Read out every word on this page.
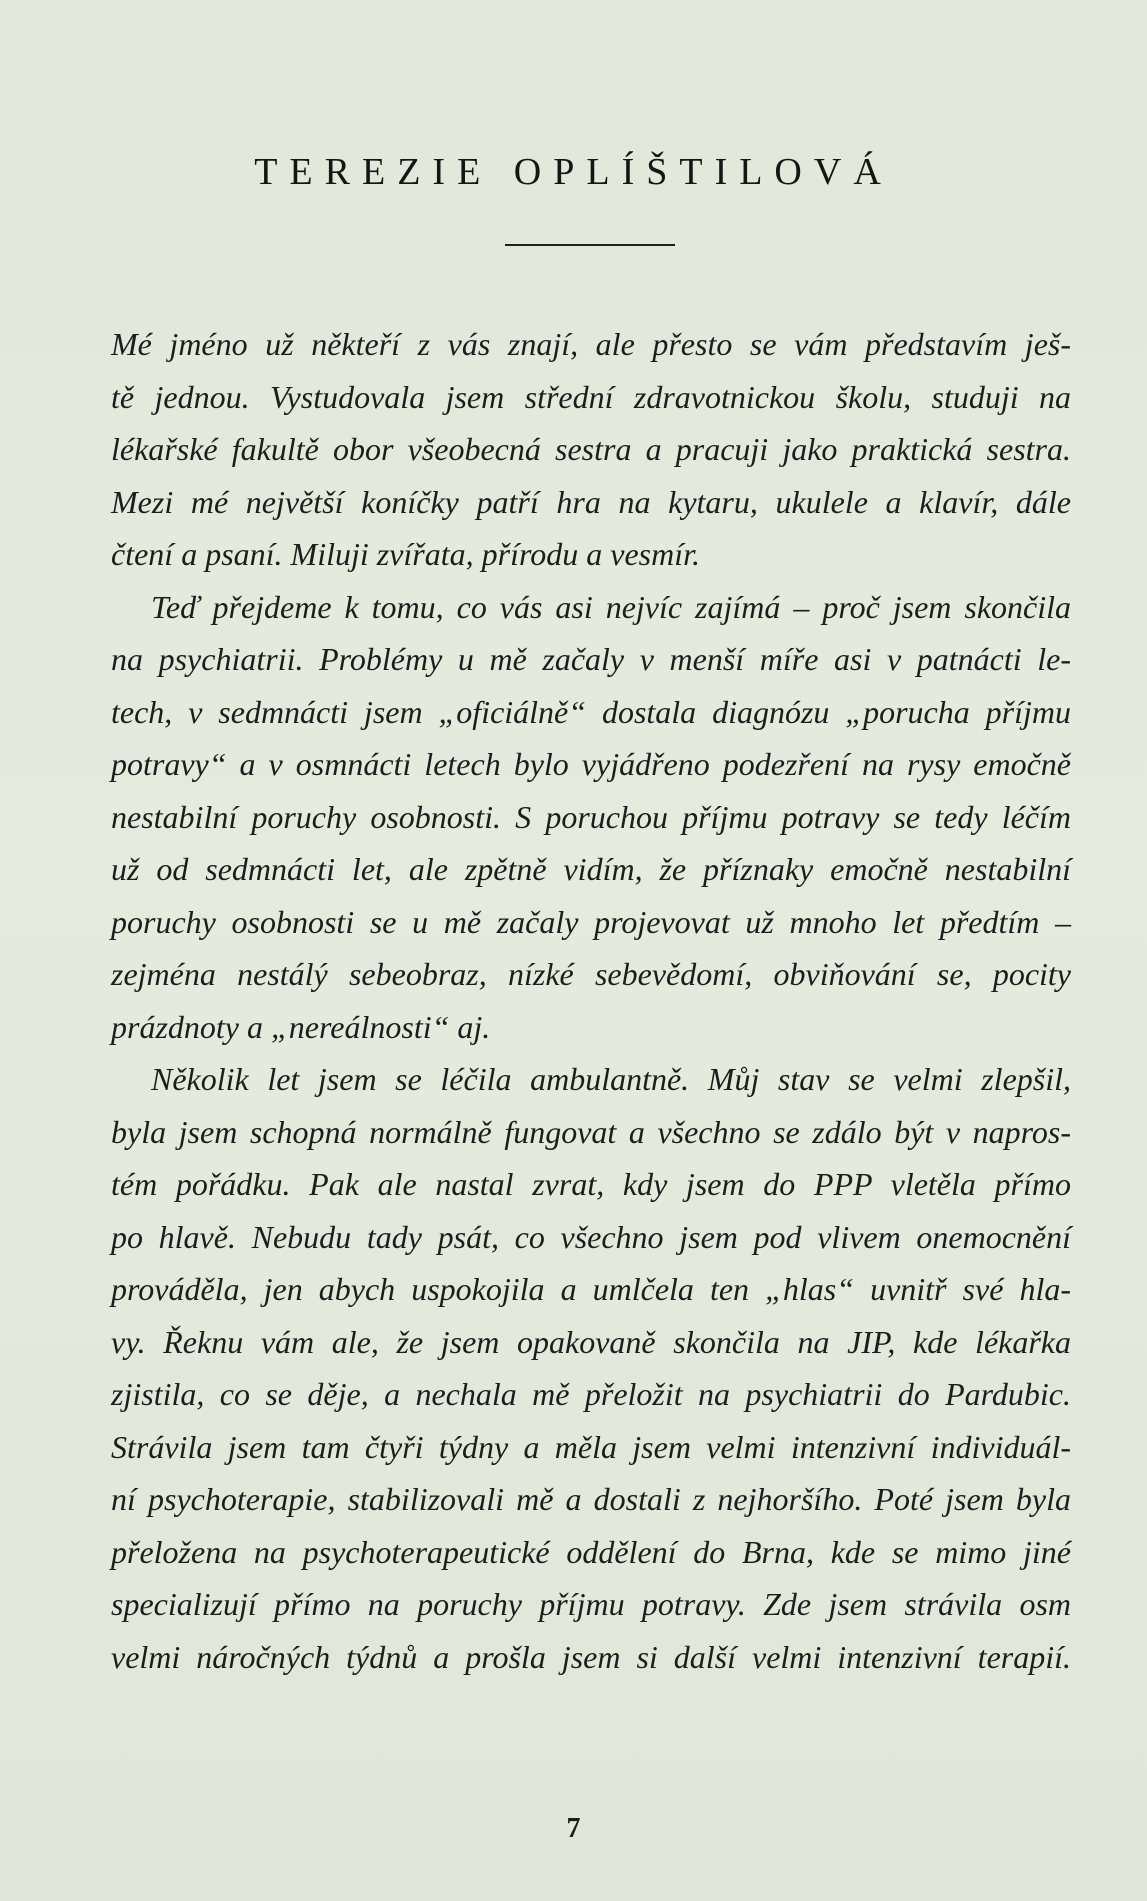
TEREZIE OPLÍŠTILOVÁ
Mé jméno už někteří z vás znají, ale přesto se vám představím ješ-
tě jednou. Vystudovala jsem střední zdravotnickou školu, studuji na
lékařské fakultě obor všeobecná sestra a pracuji jako praktická sestra.
Mezi mé největší koníčky patří hra na kytaru, ukulele a klavír, dále
čtení a psaní. Miluji zvířata, přírodu a vesmír.
Teď přejdeme k tomu, co vás asi nejvíc zajímá – proč jsem skončila
na psychiatrii. Problémy u mě začaly v menší míře asi v patnácti le-
tech, v sedmnácti jsem „oficiálně“ dostala diagnózu „porucha příjmu
potravy“ a v osmnácti letech bylo vyjádřeno podezření na rysy emočně
nestabilní poruchy osobnosti. S poruchou příjmu potravy se tedy léčím
už od sedmnácti let, ale zpětně vidím, že příznaky emočně nestabilní
poruchy osobnosti se u mě začaly projevovat už mnoho let předtím –
zejména nestálý sebeobraz, nízké sebevědomí, obviňování se, pocity
prázdnoty a „nereálnosti“ aj.
Několik let jsem se léčila ambulantně. Můj stav se velmi zlepšil,
byla jsem schopná normálně fungovat a všechno se zdálo být v napros-
tém pořádku. Pak ale nastal zvrat, kdy jsem do PPP vletěla přímo
po hlavě. Nebudu tady psát, co všechno jsem pod vlivem onemocnění
prováděla, jen abych uspokojila a umlčela ten „hlas“ uvnitř své hla-
vy. Řeknu vám ale, že jsem opakovaně skončila na JIP, kde lékařka
zjistila, co se děje, a nechala mě přeložit na psychiatrii do Pardubic.
Strávila jsem tam čtyři týdny a měla jsem velmi intenzivní individuál-
ní psychoterapie, stabilizovali mě a dostali z nejhoršího. Poté jsem byla
přeložena na psychoterapeutické oddělení do Brna, kde se mimo jiné
specializují přímo na poruchy příjmu potravy. Zde jsem strávila osm
velmi náročných týdnů a prošla jsem si další velmi intenzivní terapií.
7
